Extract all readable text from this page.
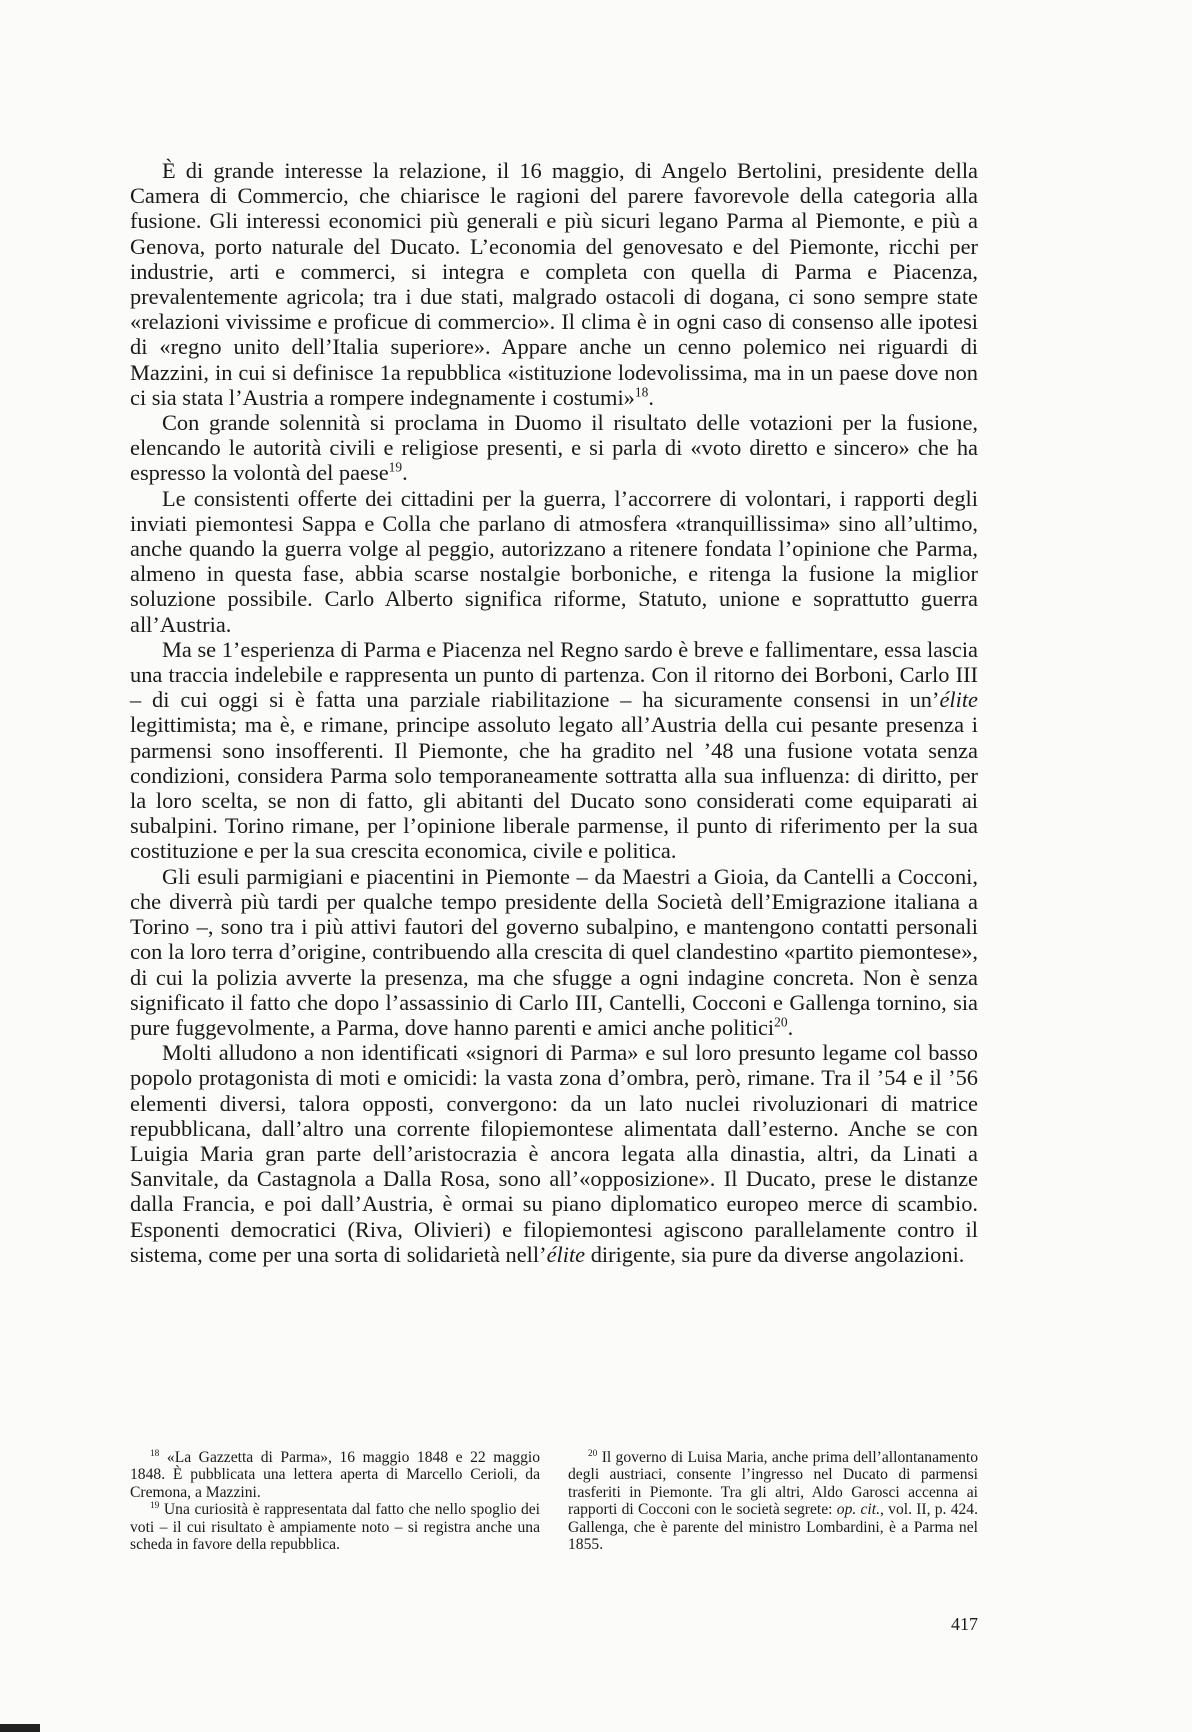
È di grande interesse la relazione, il 16 maggio, di Angelo Bertolini, presidente della Camera di Commercio, che chiarisce le ragioni del parere favorevole della categoria alla fusione. Gli interessi economici più generali e più sicuri legano Parma al Piemonte, e più a Genova, porto naturale del Ducato. L’economia del genovesato e del Piemonte, ricchi per industrie, arti e commerci, si integra e completa con quella di Parma e Piacenza, prevalentemente agricola; tra i due stati, malgrado ostacoli di dogana, ci sono sempre state «relazioni vivissime e proficue di commercio». Il clima è in ogni caso di consenso alle ipotesi di «regno unito dell’Italia superiore». Appare anche un cenno polemico nei riguardi di Mazzini, in cui si definisce 1a repubblica «istituzione lodevolissima, ma in un paese dove non ci sia stata l’Austria a rompere indegnamente i costumi»$^{18}$.

Con grande solennità si proclama in Duomo il risultato delle votazioni per la fusione, elencando le autorità civili e religiose presenti, e si parla di «voto diretto e sincero» che ha espresso la volontà del paese$^{19}$.

Le consistenti offerte dei cittadini per la guerra, l’accorrere di volontari, i rapporti degli inviati piemontesi Sappa e Colla che parlano di atmosfera «tranquillissima» sino all’ultimo, anche quando la guerra volge al peggio, autorizzano a ritenere fondata l’opinione che Parma, almeno in questa fase, abbia scarse nostalgie borboniche, e ritenga la fusione la miglior soluzione possibile. Carlo Alberto significa riforme, Statuto, unione e soprattutto guerra all’Austria.

Ma se 1’esperienza di Parma e Piacenza nel Regno sardo è breve e fallimentare, essa lascia una traccia indelebile e rappresenta un punto di partenza. Con il ritorno dei Borboni, Carlo III – di cui oggi si è fatta una parziale riabilitazione – ha sicuramente consensi in un’élite legittimista; ma è, e rimane, principe assoluto legato all’Austria della cui pesante presenza i parmensi sono insofferenti. Il Piemonte, che ha gradito nel ’48 una fusione votata senza condizioni, considera Parma solo temporaneamente sottratta alla sua influenza: di diritto, per la loro scelta, se non di fatto, gli abitanti del Ducato sono considerati come equiparati ai subalpini. Torino rimane, per l’opinione liberale parmense, il punto di riferimento per la sua costituzione e per la sua crescita economica, civile e politica.

Gli esuli parmigiani e piacentini in Piemonte – da Maestri a Gioia, da Cantelli a Cocconi, che diverrà più tardi per qualche tempo presidente della Società dell’Emigrazione italiana a Torino –, sono tra i più attivi fautori del governo subalpino, e mantengono contatti personali con la loro terra d’origine, contribuendo alla crescita di quel clandestino «partito piemontese», di cui la polizia avverte la presenza, ma che sfugge a ogni indagine concreta. Non è senza significato il fatto che dopo l’assassinio di Carlo III, Cantelli, Cocconi e Gallenga tornino, sia pure fuggevolmente, a Parma, dove hanno parenti e amici anche politici$^{20}$.

Molti alludono a non identificati «signori di Parma» e sul loro presunto legame col basso popolo protagonista di moti e omicidi: la vasta zona d’ombra, però, rimane. Tra il ’54 e il ’56 elementi diversi, talora opposti, convergono: da un lato nuclei rivoluzionari di matrice repubblicana, dall’altro una corrente filopiemontese alimentata dall’esterno. Anche se con Luigia Maria gran parte dell’aristocrazia è ancora legata alla dinastia, altri, da Linati a Sanvitale, da Castagnola a Dalla Rosa, sono all’«opposizione». Il Ducato, prese le distanze dalla Francia, e poi dall’Austria, è ormai su piano diplomatico europeo merce di scambio. Esponenti democratici (Riva, Olivieri) e filopiemontesi agiscono parallelamente contro il sistema, come per una sorta di solidarietà nell’élite dirigente, sia pure da diverse angolazioni.

$^{18}$ «La Gazzetta di Parma», 16 maggio 1848 e 22 maggio 1848. È pubblicata una lettera aperta di Marcello Cerioli, da Cremona, a Mazzini.

$^{19}$ Una curiosità è rappresentata dal fatto che nello spoglio dei voti – il cui risultato è ampiamente noto – si registra anche una scheda in favore della repubblica.

$^{20}$ Il governo di Luisa Maria, anche prima dell’allontanamento degli austriaci, consente l’ingresso nel Ducato di parmensi trasferiti in Piemonte. Tra gli altri, Aldo Garosci accenna ai rapporti di Cocconi con le società segrete: op. cit., vol. II, p. 424. Gallenga, che è parente del ministro Lombardini, è a Parma nel 1855.

417
